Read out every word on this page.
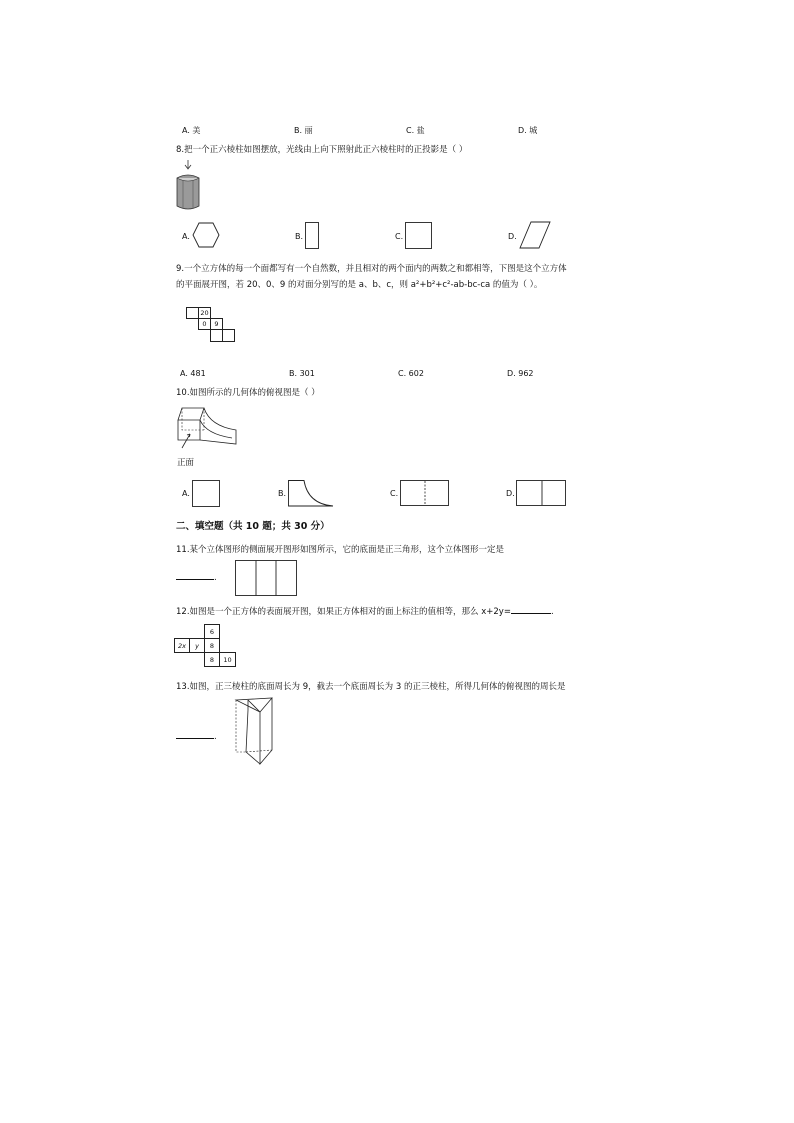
A. 美	B. 丽	C. 盐	D. 城
8.把一个正六棱柱如图摆放，光线由上向下照射此正六棱柱时的正投影是（ ）
A.	B.	C.	D.
9.一个立方体的每一个面都写有一个自然数，并且相对的两个面内的两数之和都相等，下图是这个立方体
的平面展开图，若 20、0、9 的对面分别写的是 a、b、c，则 a²+b²+c²-ab-bc-ca 的值为（ ）。
20
0	9
A. 481	B. 301	C. 602	D. 962
10.如图所示的几何体的俯视图是（ ）
正面
A.	B.	C.	D.
二、填空题（共 10 题；共 30 分）
11.某个立体图形的侧面展开图形如图所示，它的底面是正三角形，这个立体图形一定是
.
12.如图是一个正方体的表面展开图，如果正方体相对的面上标注的值相等，那么 x+2y=	.
6
2x	y	8
8	10
13.如图，正三棱柱的底面周长为 9，截去一个底面周长为 3 的正三棱柱，所得几何体的俯视图的周长是
.
